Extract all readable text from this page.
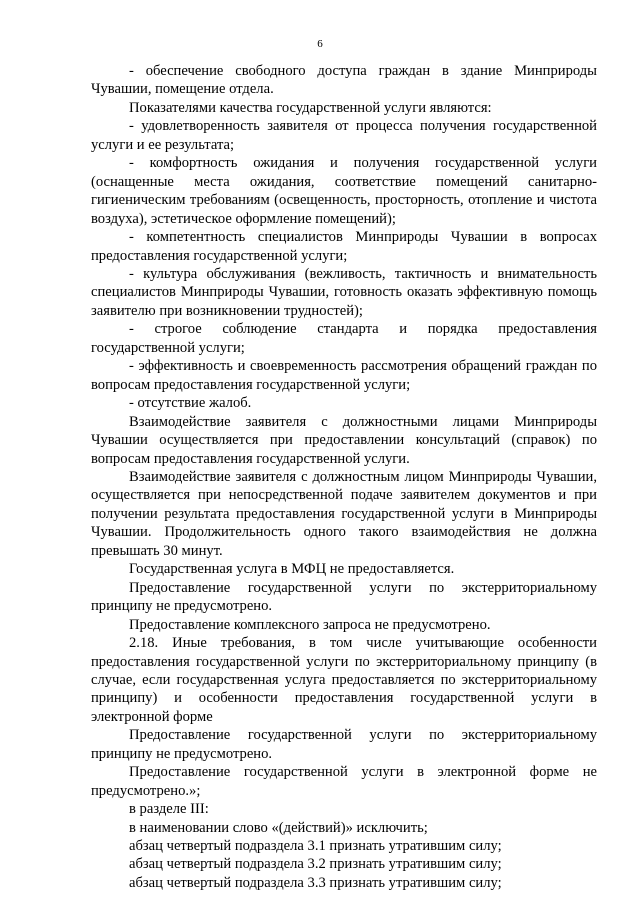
6

- обеспечение свободного доступа граждан в здание Минприроды Чувашии, помещение отдела.

Показателями качества государственной услуги являются:

- удовлетворенность заявителя от процесса получения государственной услуги и ее результата;

- комфортность ожидания и получения государственной услуги (оснащенные места ожидания, соответствие помещений санитарно-гигиеническим требованиям (освещенность, просторность, отопление и чистота воздуха), эстетическое оформление помещений);

- компетентность специалистов Минприроды Чувашии в вопросах предоставления государственной услуги;

- культура обслуживания (вежливость, тактичность и внимательность специалистов Минприроды Чувашии, готовность оказать эффективную помощь заявителю при возникновении трудностей);

- строгое соблюдение стандарта и порядка предоставления государственной услуги;

- эффективность и своевременность рассмотрения обращений граждан по вопросам предоставления государственной услуги;

- отсутствие жалоб.

Взаимодействие заявителя с должностными лицами Минприроды Чувашии осуществляется при предоставлении консультаций (справок) по вопросам предоставления государственной услуги.

Взаимодействие заявителя с должностным лицом Минприроды Чувашии, осуществляется при непосредственной подаче заявителем документов и при получении результата предоставления государственной услуги в Минприроды Чувашии. Продолжительность одного такого взаимодействия не должна превышать 30 минут.

Государственная услуга в МФЦ не предоставляется.

Предоставление государственной услуги по экстерриториальному принципу не предусмотрено.

Предоставление комплексного запроса не предусмотрено.

2.18. Иные требования, в том числе учитывающие особенности предоставления государственной услуги по экстерриториальному принципу (в случае, если государственная услуга предоставляется по экстерриториальному принципу) и особенности предоставления государственной услуги в электронной форме

Предоставление государственной услуги по экстерриториальному принципу не предусмотрено.

Предоставление государственной услуги в электронной форме не предусмотрено.»;

в разделе III:

в наименовании слово «(действий)» исключить;

абзац четвертый подраздела 3.1 признать утратившим силу;

абзац четвертый подраздела 3.2 признать утратившим силу;

абзац четвертый подраздела 3.3 признать утратившим силу;
